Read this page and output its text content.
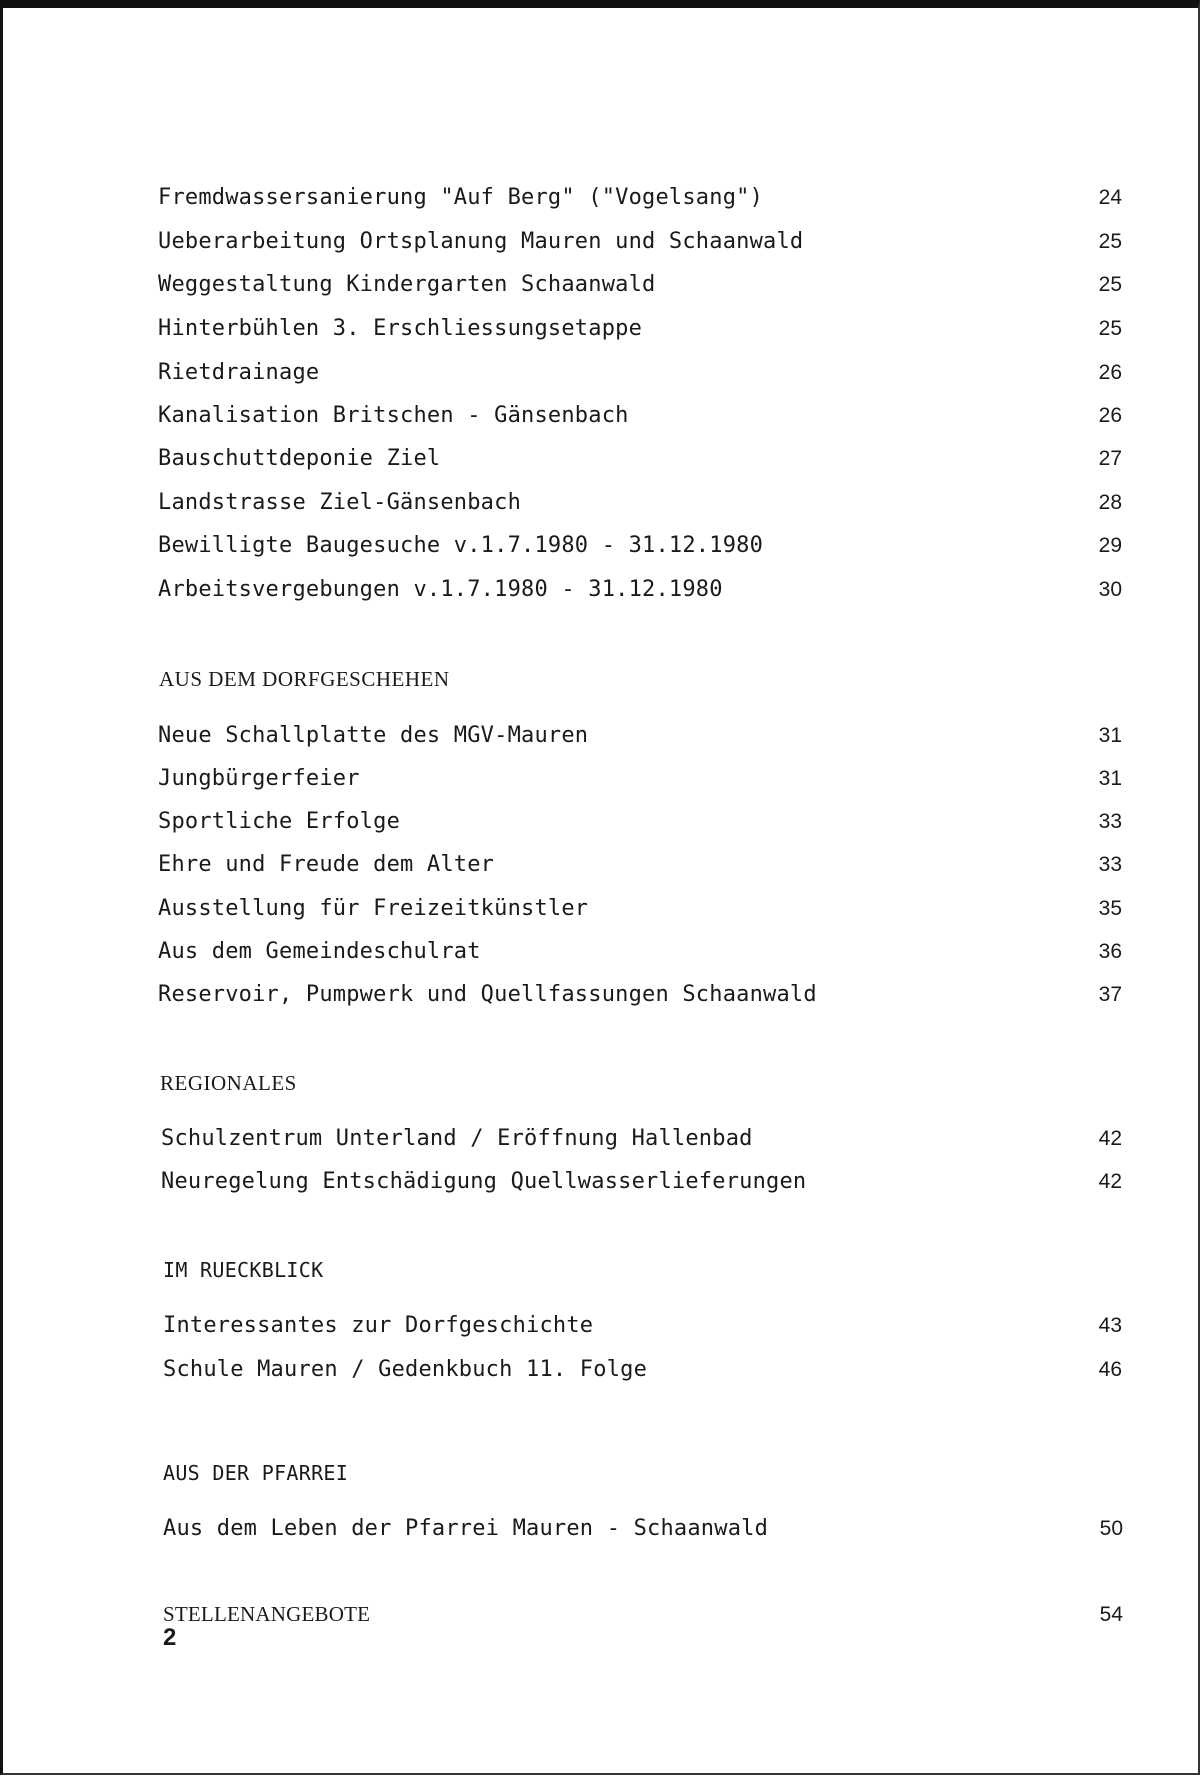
Fremdwassersanierung "Auf Berg" ("Vogelsang")	24
Ueberarbeitung Ortsplanung Mauren und Schaanwald	25
Weggestaltung Kindergarten Schaanwald	25
Hinterbühlen 3. Erschliessungsetappe	25
Rietdrainage	26
Kanalisation Britschen - Gänsenbach	26
Bauschuttdeponie Ziel	27
Landstrasse Ziel-Gänsenbach	28
Bewilligte Baugesuche v.1.7.1980 - 31.12.1980	29
Arbeitsvergebungen v.1.7.1980 - 31.12.1980	30
AUS DEM DORFGESCHEHEN
Neue Schallplatte des MGV-Mauren	31
Jungbürgerfeier	31
Sportliche Erfolge	33
Ehre und Freude dem Alter	33
Ausstellung für Freizeitkünstler	35
Aus dem Gemeindeschulrat	36
Reservoir, Pumpwerk und Quellfassungen Schaanwald	37
REGIONALES
Schulzentrum Unterland / Eröffnung Hallenbad	42
Neuregelung Entschädigung Quellwasserlieferungen	42
IM RUECKBLICK
Interessantes zur Dorfgeschichte	43
Schule Mauren / Gedenkbuch 11. Folge	46
AUS DER PFARREI
Aus dem Leben der Pfarrei Mauren - Schaanwald	50
STELLENANGEBOTE	54
2
